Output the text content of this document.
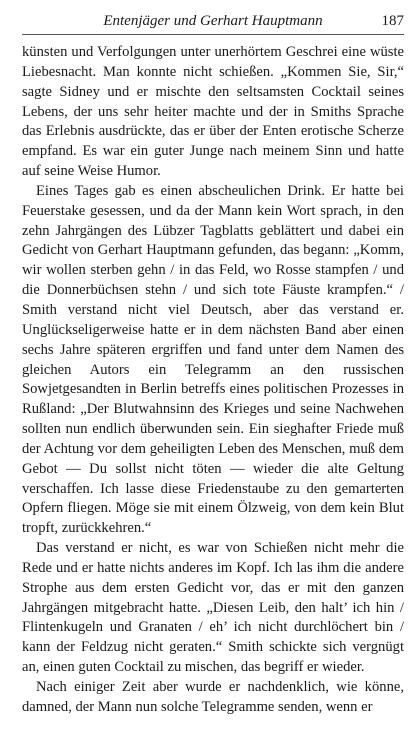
Entenjäger und Gerhart Hauptmann	187

künsten und Verfolgungen unter unerhörtem Geschrei eine wüste Liebesnacht. Man konnte nicht schießen. „Kommen Sie, Sir,“ sagte Sidney und er mischte den seltsamsten Cocktail seines Lebens, der uns sehr heiter machte und der in Smiths Sprache das Erlebnis ausdrückte, das er über der Enten erotische Scherze empfand. Es war ein guter Junge nach meinem Sinn und hatte auf seine Weise Humor.

Eines Tages gab es einen abscheulichen Drink. Er hatte bei Feuerstake gesessen, und da der Mann kein Wort sprach, in den zehn Jahrgängen des Lübzer Tagblatts geblättert und dabei ein Gedicht von Gerhart Hauptmann gefunden, das begann: „Komm, wir wollen sterben gehn / in das Feld, wo Rosse stampfen / und die Donnerbüchsen stehn / und sich tote Fäuste krampfen.“ / Smith verstand nicht viel Deutsch, aber das verstand er. Unglückseligerweise hatte er in dem nächsten Band aber einen sechs Jahre späteren ergriffen und fand unter dem Namen des gleichen Autors ein Telegramm an den russischen Sowjetgesandten in Berlin betreffs eines politischen Prozesses in Rußland: „Der Blutwahnsinn des Krieges und seine Nachwehen sollten nun endlich überwunden sein. Ein sieghafter Friede muß der Achtung vor dem geheiligten Leben des Menschen, muß dem Gebot — Du sollst nicht töten — wieder die alte Geltung verschaffen. Ich lasse diese Friedenstaube zu den gemarterten Opfern fliegen. Möge sie mit einem Ölzweig, von dem kein Blut tropft, zurückkehren.“

Das verstand er nicht, es war von Schießen nicht mehr die Rede und er hatte nichts anderes im Kopf. Ich las ihm die andere Strophe aus dem ersten Gedicht vor, das er mit den ganzen Jahrgängen mitgebracht hatte. „Diesen Leib, den halt’ ich hin / Flintenkugeln und Granaten / eh’ ich nicht durchlöchert bin / kann der Feldzug nicht geraten.“ Smith schickte sich vergnügt an, einen guten Cocktail zu mischen, das begriff er wieder.

Nach einiger Zeit aber wurde er nachdenklich, wie könne, damned, der Mann nun solche Telegramme senden, wenn er
